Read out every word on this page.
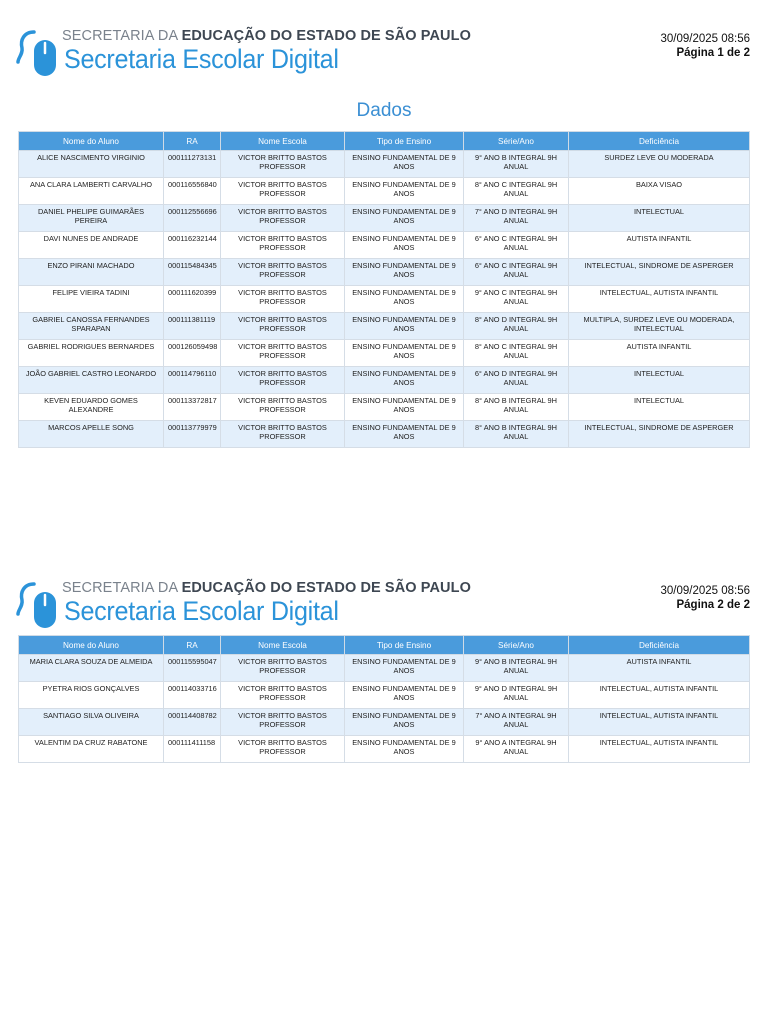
SECRETARIA DA EDUCAÇÃO DO ESTADO DE SÃO PAULO
Secretaria Escolar Digital
30/09/2025 08:56
Página 1 de 2
Dados
Nome do Aluno	RA	Nome Escola	Tipo de Ensino	Série/Ano	Deficiência
ALICE NASCIMENTO VIRGINIO	000111273131	VICTOR BRITTO BASTOS PROFESSOR	ENSINO FUNDAMENTAL DE 9 ANOS	9° ANO B INTEGRAL 9H ANUAL	SURDEZ LEVE OU MODERADA
ANA CLARA LAMBERTI CARVALHO	000116556840	VICTOR BRITTO BASTOS PROFESSOR	ENSINO FUNDAMENTAL DE 9 ANOS	8° ANO C INTEGRAL 9H ANUAL	BAIXA VISAO
DANIEL PHELIPE GUIMARÃES PEREIRA	000112556696	VICTOR BRITTO BASTOS PROFESSOR	ENSINO FUNDAMENTAL DE 9 ANOS	7° ANO D INTEGRAL 9H ANUAL	INTELECTUAL
DAVI NUNES DE ANDRADE	000116232144	VICTOR BRITTO BASTOS PROFESSOR	ENSINO FUNDAMENTAL DE 9 ANOS	6° ANO C INTEGRAL 9H ANUAL	AUTISTA INFANTIL
ENZO PIRANI MACHADO	000115484345	VICTOR BRITTO BASTOS PROFESSOR	ENSINO FUNDAMENTAL DE 9 ANOS	6° ANO C INTEGRAL 9H ANUAL	INTELECTUAL, SINDROME DE ASPERGER
FELIPE VIEIRA TADINI	000111620399	VICTOR BRITTO BASTOS PROFESSOR	ENSINO FUNDAMENTAL DE 9 ANOS	9° ANO C INTEGRAL 9H ANUAL	INTELECTUAL, AUTISTA INFANTIL
GABRIEL CANOSSA FERNANDES SPARAPAN	000111381119	VICTOR BRITTO BASTOS PROFESSOR	ENSINO FUNDAMENTAL DE 9 ANOS	8° ANO D INTEGRAL 9H ANUAL	MULTIPLA, SURDEZ LEVE OU MODERADA, INTELECTUAL
GABRIEL RODRIGUES BERNARDES	000126059498	VICTOR BRITTO BASTOS PROFESSOR	ENSINO FUNDAMENTAL DE 9 ANOS	8° ANO C INTEGRAL 9H ANUAL	AUTISTA INFANTIL
JOÃO GABRIEL CASTRO LEONARDO	000114796110	VICTOR BRITTO BASTOS PROFESSOR	ENSINO FUNDAMENTAL DE 9 ANOS	6° ANO D INTEGRAL 9H ANUAL	INTELECTUAL
KEVEN EDUARDO GOMES ALEXANDRE	000113372817	VICTOR BRITTO BASTOS PROFESSOR	ENSINO FUNDAMENTAL DE 9 ANOS	8° ANO B INTEGRAL 9H ANUAL	INTELECTUAL
MARCOS APELLE SONG	000113779979	VICTOR BRITTO BASTOS PROFESSOR	ENSINO FUNDAMENTAL DE 9 ANOS	8° ANO B INTEGRAL 9H ANUAL	INTELECTUAL, SINDROME DE ASPERGER
SECRETARIA DA EDUCAÇÃO DO ESTADO DE SÃO PAULO
Secretaria Escolar Digital
30/09/2025 08:56
Página 2 de 2
Nome do Aluno	RA	Nome Escola	Tipo de Ensino	Série/Ano	Deficiência
MARIA CLARA SOUZA DE ALMEIDA	000115595047	VICTOR BRITTO BASTOS PROFESSOR	ENSINO FUNDAMENTAL DE 9 ANOS	9° ANO B INTEGRAL 9H ANUAL	AUTISTA INFANTIL
PYETRA RIOS GONÇALVES	000114033716	VICTOR BRITTO BASTOS PROFESSOR	ENSINO FUNDAMENTAL DE 9 ANOS	9° ANO D INTEGRAL 9H ANUAL	INTELECTUAL, AUTISTA INFANTIL
SANTIAGO SILVA OLIVEIRA	000114408782	VICTOR BRITTO BASTOS PROFESSOR	ENSINO FUNDAMENTAL DE 9 ANOS	7° ANO A INTEGRAL 9H ANUAL	INTELECTUAL, AUTISTA INFANTIL
VALENTIM DA CRUZ RABATONE	000111411158	VICTOR BRITTO BASTOS PROFESSOR	ENSINO FUNDAMENTAL DE 9 ANOS	9° ANO A INTEGRAL 9H ANUAL	INTELECTUAL, AUTISTA INFANTIL
